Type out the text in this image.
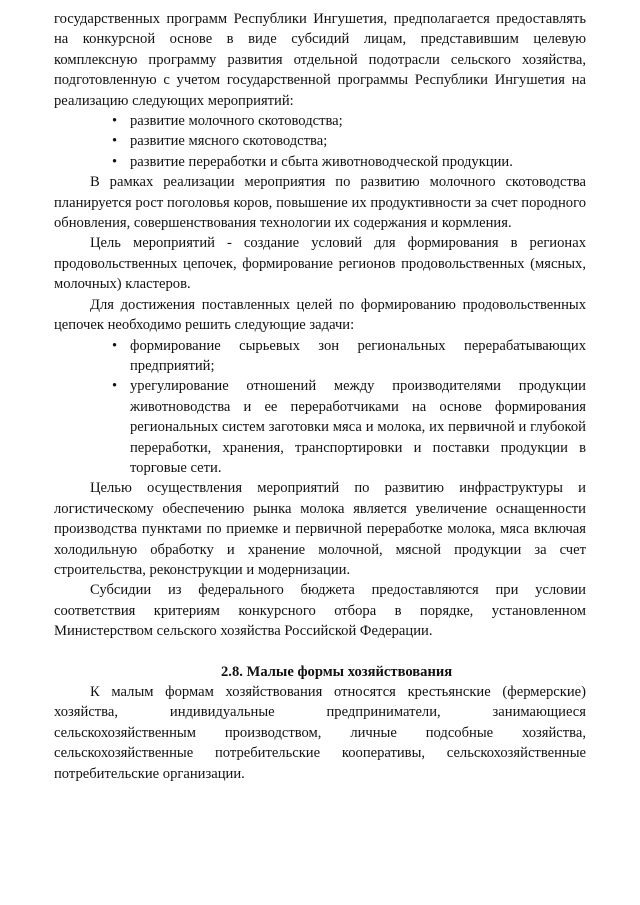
государственных программ Республики Ингушетия, предполагается предоставлять на конкурсной основе в виде субсидий лицам, представившим целевую комплексную программу развития отдельной подотрасли сельского хозяйства, подготовленную с учетом государственной программы Республики Ингушетия на реализацию следующих мероприятий:

• развитие молочного скотоводства;
• развитие мясного скотоводства;
• развитие переработки и сбыта животноводческой продукции.

В рамках реализации мероприятия по развитию молочного скотоводства планируется рост поголовья коров, повышение их продуктивности за счет породного обновления, совершенствования технологии их содержания и кормления.

Цель мероприятий - создание условий для формирования в регионах продовольственных цепочек, формирование регионов продовольственных (мясных, молочных) кластеров.

Для достижения поставленных целей по формированию продовольственных цепочек необходимо решить следующие задачи:

• формирование сырьевых зон региональных перерабатывающих предприятий;
• урегулирование отношений между производителями продукции животноводства и ее переработчиками на основе формирования региональных систем заготовки мяса и молока, их первичной и глубокой переработки, хранения, транспортировки и поставки продукции в торговые сети.

Целью осуществления мероприятий по развитию инфраструктуры и логистическому обеспечению рынка молока является увеличение оснащенности производства пунктами по приемке и первичной переработке молока, мяса включая холодильную обработку и хранение молочной, мясной продукции за счет строительства, реконструкции и модернизации.

Субсидии из федерального бюджета предоставляются при условии соответствия критериям конкурсного отбора в порядке, установленном Министерством сельского хозяйства Российской Федерации.

2.8. Малые формы хозяйствования

К малым формам хозяйствования относятся крестьянские (фермерские) хозяйства, индивидуальные предприниматели, занимающиеся сельскохозяйственным производством, личные подсобные хозяйства, сельскохозяйственные потребительские кооперативы, сельскохозяйственные потребительские организации.
